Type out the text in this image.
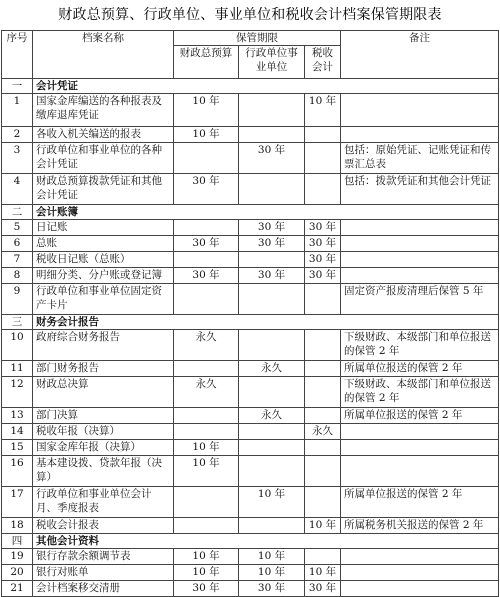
财政总预算、行政单位、事业单位和税收会计档案保管期限表
序号	档案名称	保管期限			备注
		财政总预算	行政单位事业单位	税收会计	
一	会计凭证				
1	国家金库编送的各种报表及缴库退库凭证	10 年		10 年	
2	各收入机关编送的报表	10 年			
3	行政单位和事业单位的各种会计凭证		30 年		包括：原始凭证、记账凭证和传票汇总表
4	财政总预算拨款凭证和其他会计凭证	30 年			包括：拨款凭证和其他会计凭证
二	会计账簿				
5	日记账		30 年	30 年	
6	总账	30 年	30 年	30 年	
7	税收日记账（总账）			30 年	
8	明细分类、分户账或登记簿	30 年	30 年	30 年	
9	行政单位和事业单位固定资产卡片				固定资产报废清理后保管 5 年
三	财务会计报告				
10	政府综合财务报告	永久			下级财政、本级部门和单位报送的保管 2 年
11	部门财务报告		永久		所属单位报送的保管 2 年
12	财政总决算	永久			下级财政、本级部门和单位报送的保管 2 年
13	部门决算		永久		所属单位报送的保管 2 年
14	税收年报（决算）			永久	
15	国家金库年报（决算）	10 年			
16	基本建设拨、贷款年报（决算）	10 年			
17	行政单位和事业单位会计月、季度报表		10 年		所属单位报送的保管 2 年
18	税收会计报表			10 年	所属税务机关报送的保管 2 年
四	其他会计资料				
19	银行存款余额调节表	10 年	10 年		
20	银行对账单	10 年	10 年	10 年	
21	会计档案移交清册	30 年	30 年	30 年	
